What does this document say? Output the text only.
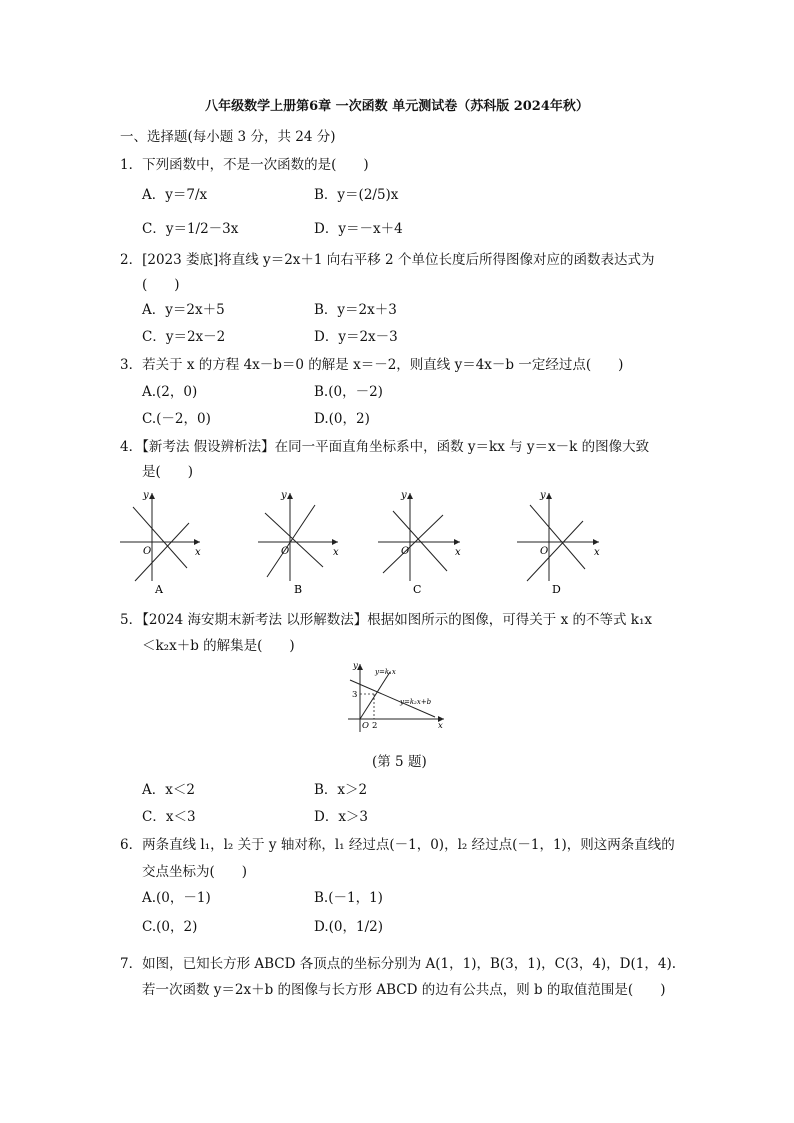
八年级数学上册第6章 一次函数 单元测试卷（苏科版 2024年秋）
一、选择题(每小题 3 分，共 24 分)
1．下列函数中，不是一次函数的是(　　)
A．y＝7/x	B．y＝(2/5)x
C．y＝1/2－3x	D．y＝－x＋4
2．[2023 娄底]将直线 y＝2x＋1 向右平移 2 个单位长度后所得图像对应的函数表达式为
(　　)
A．y＝2x＋5	B．y＝2x＋3
C．y＝2x－2	D．y＝2x－3
3．若关于 x 的方程 4x－b＝0 的解是 x＝－2，则直线 y＝4x－b 一定经过点(　　)
A.(2，0)	B.(0，－2)
C.(－2，0)	D.(0，2)
4．【新考法 假设辨析法】在同一平面直角坐标系中，函数 y＝kx 与 y＝x－k 的图像大致
是(　　)
y
x
O
A
y
x
O
B
y
x
O
C
y
x
O
D
5．【2024 海安期末新考法 以形解数法】根据如图所示的图像，可得关于 x 的不等式 k₁x
＜k₂x＋b 的解集是(　　)
y
x
O 2
3
y=k₁x
y=k₂x+b
(第 5 题)
A．x＜2	B．x＞2
C．x＜3	D．x＞3
6．两条直线 l₁，l₂ 关于 y 轴对称，l₁ 经过点(－1，0)，l₂ 经过点(－1，1)，则这两条直线的
交点坐标为(　　)
A.(0，－1)	B.(－1，1)
C.(0，2)	D.(0，1/2)
7．如图，已知长方形 ABCD 各顶点的坐标分别为 A(1，1)，B(3，1)，C(3，4)，D(1，4).
若一次函数 y＝2x＋b 的图像与长方形 ABCD 的边有公共点，则 b 的取值范围是(　　)
